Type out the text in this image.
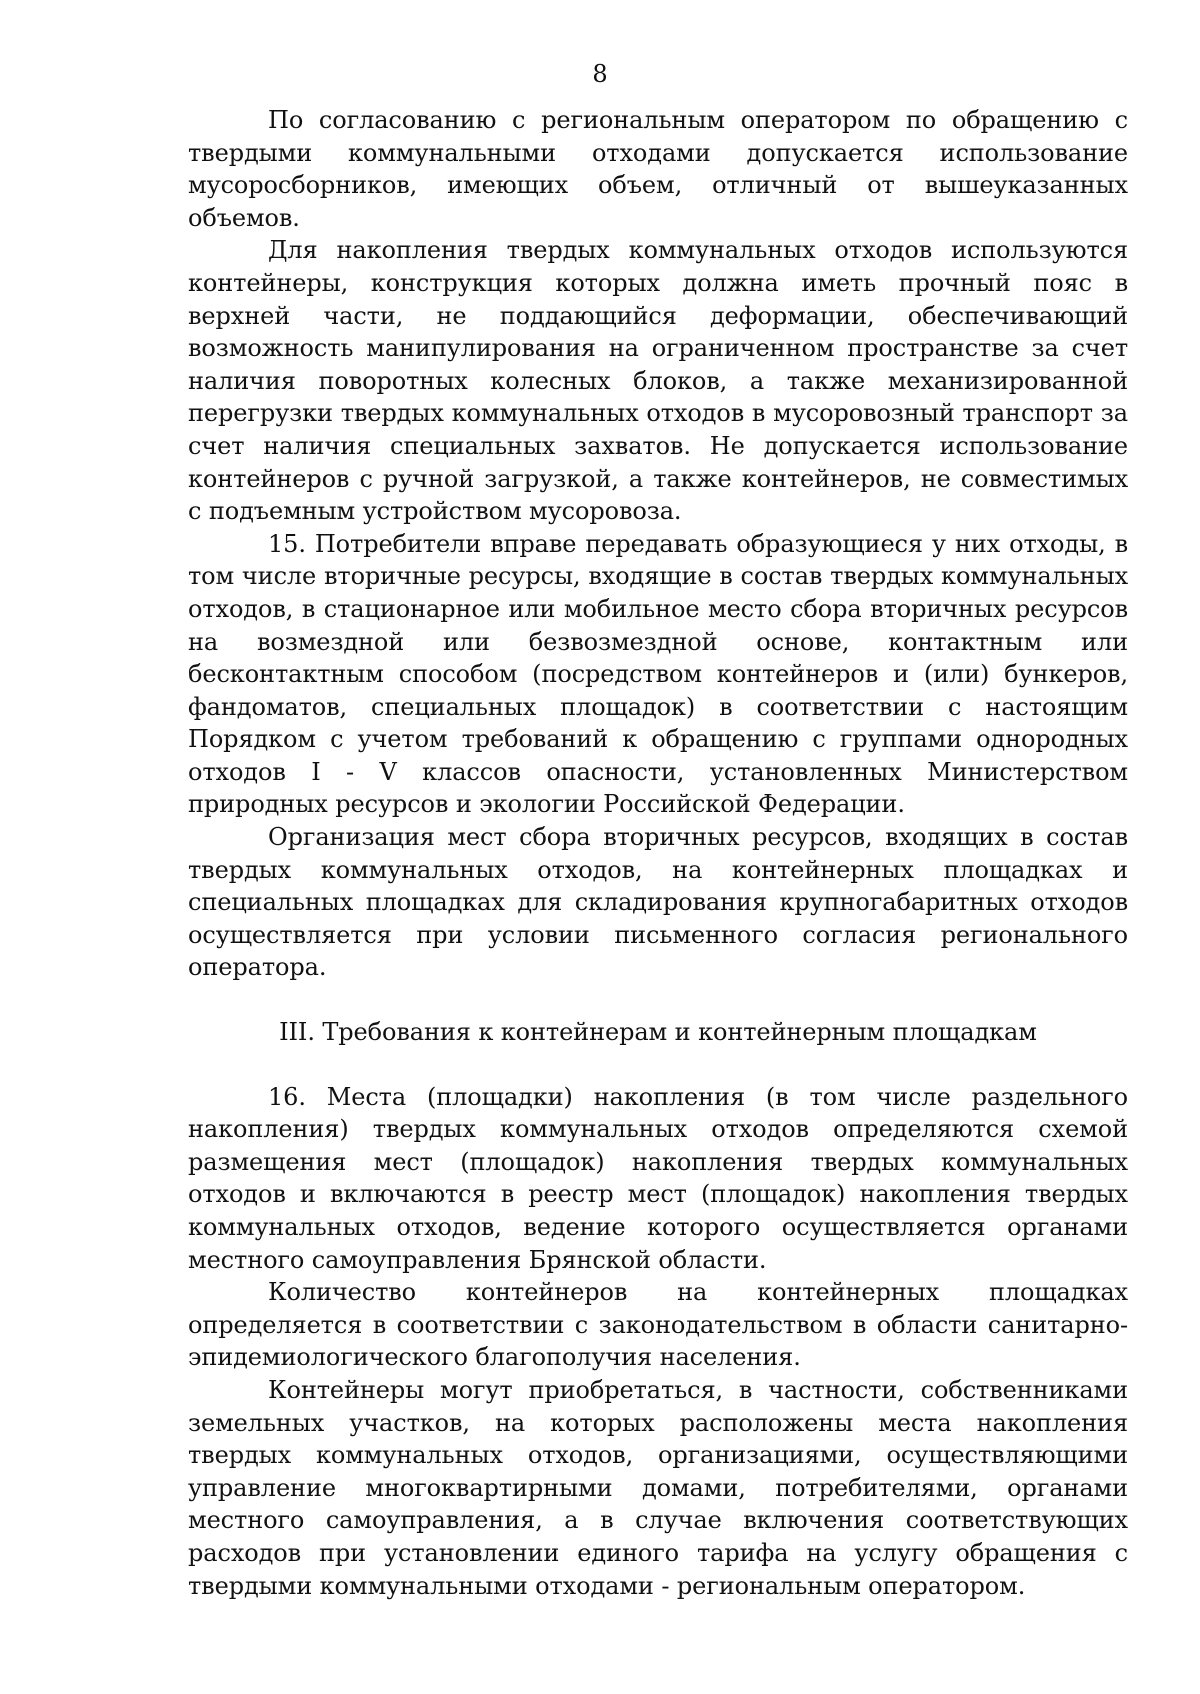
8

По согласованию с региональным оператором по обращению с твердыми коммунальными отходами допускается использование мусоросборников, имеющих объем, отличный от вышеуказанных объемов.

Для накопления твердых коммунальных отходов используются контейнеры, конструкция которых должна иметь прочный пояс в верхней части, не поддающийся деформации, обеспечивающий возможность манипулирования на ограниченном пространстве за счет наличия поворотных колесных блоков, а также механизированной перегрузки твердых коммунальных отходов в мусоровозный транспорт за счет наличия специальных захватов. Не допускается использование контейнеров с ручной загрузкой, а также контейнеров, не совместимых с подъемным устройством мусоровоза.

15. Потребители вправе передавать образующиеся у них отходы, в том числе вторичные ресурсы, входящие в состав твердых коммунальных отходов, в стационарное или мобильное место сбора вторичных ресурсов на возмездной или безвозмездной основе, контактным или бесконтактным способом (посредством контейнеров и (или) бункеров, фандоматов, специальных площадок) в соответствии с настоящим Порядком с учетом требований к обращению с группами однородных отходов I - V классов опасности, установленных Министерством природных ресурсов и экологии Российской Федерации.

Организация мест сбора вторичных ресурсов, входящих в состав твердых коммунальных отходов, на контейнерных площадках и специальных площадках для складирования крупногабаритных отходов осуществляется при условии письменного согласия регионального оператора.

III. Требования к контейнерам и контейнерным площадкам

16. Места (площадки) накопления (в том числе раздельного накопления) твердых коммунальных отходов определяются схемой размещения мест (площадок) накопления твердых коммунальных отходов и включаются в реестр мест (площадок) накопления твердых коммунальных отходов, ведение которого осуществляется органами местного самоуправления Брянской области.

Количество контейнеров на контейнерных площадках определяется в соответствии с законодательством в области санитарно-эпидемиологического благополучия населения.

Контейнеры могут приобретаться, в частности, собственниками земельных участков, на которых расположены места накопления твердых коммунальных отходов, организациями, осуществляющими управление многоквартирными домами, потребителями, органами местного самоуправления, а в случае включения соответствующих расходов при установлении единого тарифа на услугу обращения с твердыми коммунальными отходами - региональным оператором.
